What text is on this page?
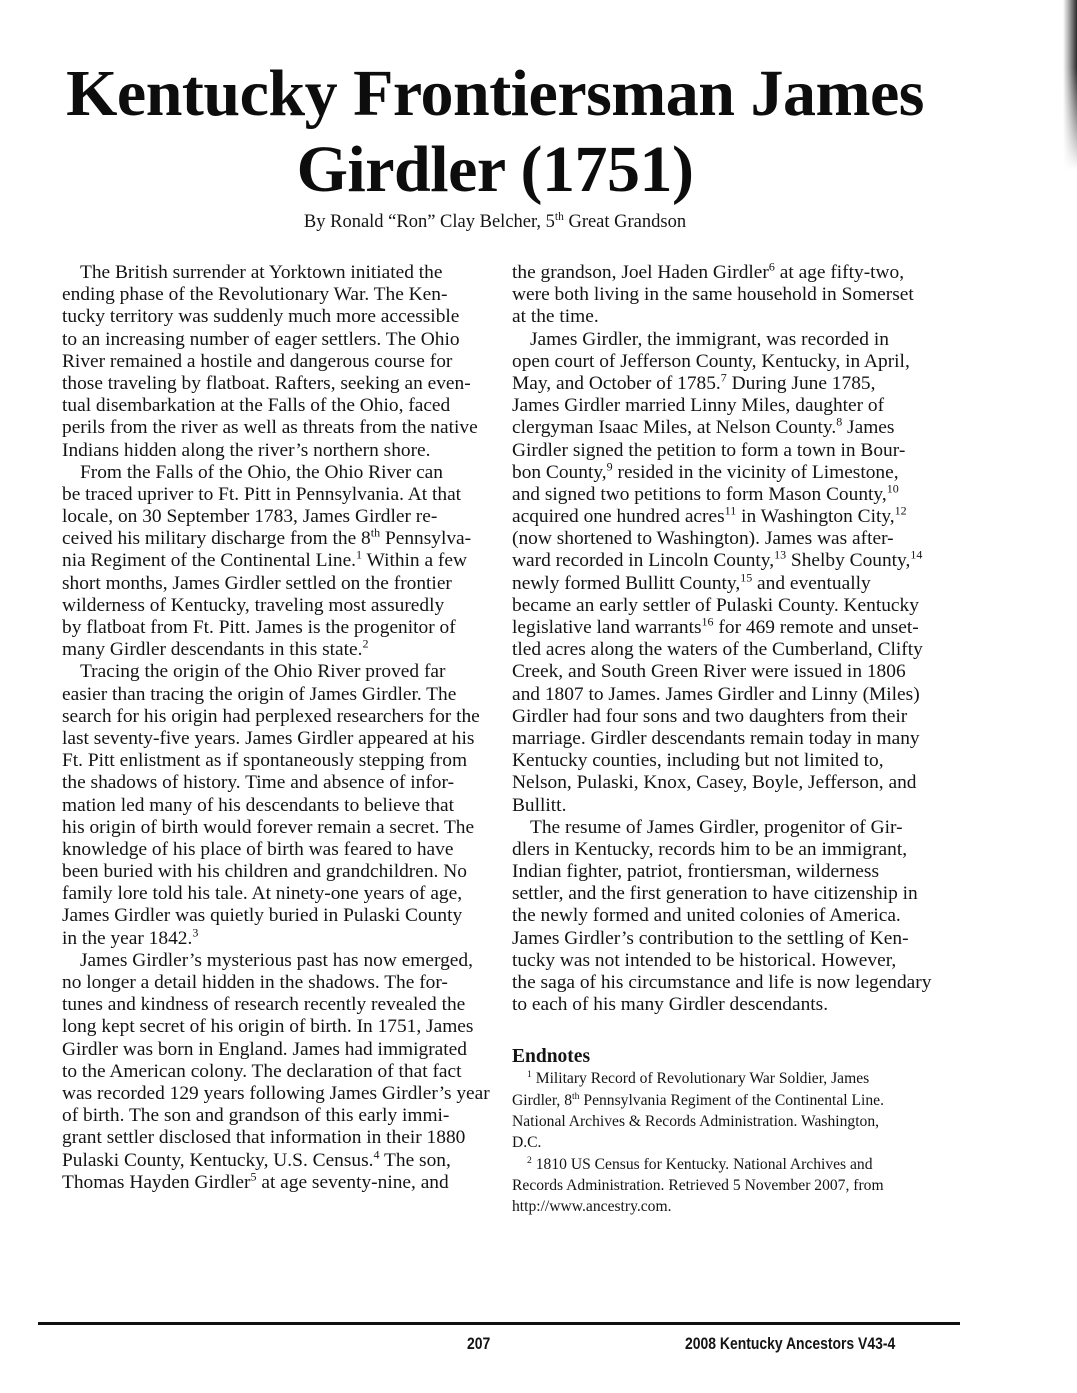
Kentucky Frontiersman James
Girdler (1751)

By Ronald “Ron” Clay Belcher, 5th Great Grandson

The British surrender at Yorktown initiated the
ending phase of the Revolutionary War. The Ken-
tucky territory was suddenly much more accessible
to an increasing number of eager settlers. The Ohio
River remained a hostile and dangerous course for
those traveling by flatboat. Rafters, seeking an even-
tual disembarkation at the Falls of the Ohio, faced
perils from the river as well as threats from the native
Indians hidden along the river’s northern shore.
From the Falls of the Ohio, the Ohio River can
be traced upriver to Ft. Pitt in Pennsylvania. At that
locale, on 30 September 1783, James Girdler re-
ceived his military discharge from the 8th Pennsylva-
nia Regiment of the Continental Line.$^1$ Within a few
short months, James Girdler settled on the frontier
wilderness of Kentucky, traveling most assuredly
by flatboat from Ft. Pitt. James is the progenitor of
many Girdler descendants in this state.$^2$
Tracing the origin of the Ohio River proved far
easier than tracing the origin of James Girdler. The
search for his origin had perplexed researchers for the
last seventy-five years. James Girdler appeared at his
Ft. Pitt enlistment as if spontaneously stepping from
the shadows of history. Time and absence of infor-
mation led many of his descendants to believe that
his origin of birth would forever remain a secret. The
knowledge of his place of birth was feared to have
been buried with his children and grandchildren. No
family lore told his tale. At ninety-one years of age,
James Girdler was quietly buried in Pulaski County
in the year 1842.$^3$
James Girdler’s mysterious past has now emerged,
no longer a detail hidden in the shadows. The for-
tunes and kindness of research recently revealed the
long kept secret of his origin of birth. In 1751, James
Girdler was born in England. James had immigrated
to the American colony. The declaration of that fact
was recorded 129 years following James Girdler’s year
of birth. The son and grandson of this early immi-
grant settler disclosed that information in their 1880
Pulaski County, Kentucky, U.S. Census.$^4$ The son,
Thomas Hayden Girdler$^5$ at age seventy-nine, and
the grandson, Joel Haden Girdler$^6$ at age fifty-two,
were both living in the same household in Somerset
at the time.
James Girdler, the immigrant, was recorded in
open court of Jefferson County, Kentucky, in April,
May, and October of 1785.$^7$ During June 1785,
James Girdler married Linny Miles, daughter of
clergyman Isaac Miles, at Nelson County.$^8$ James
Girdler signed the petition to form a town in Bour-
bon County,$^9$ resided in the vicinity of Limestone,
and signed two petitions to form Mason County,$^{10}$
acquired one hundred acres$^{11}$ in Washington City,$^{12}$
(now shortened to Washington). James was after-
ward recorded in Lincoln County,$^{13}$ Shelby County,$^{14}$
newly formed Bullitt County,$^{15}$ and eventually
became an early settler of Pulaski County. Kentucky
legislative land warrants$^{16}$ for 469 remote and unset-
tled acres along the waters of the Cumberland, Clifty
Creek, and South Green River were issued in 1806
and 1807 to James. James Girdler and Linny (Miles)
Girdler had four sons and two daughters from their
marriage. Girdler descendants remain today in many
Kentucky counties, including but not limited to,
Nelson, Pulaski, Knox, Casey, Boyle, Jefferson, and
Bullitt.
The resume of James Girdler, progenitor of Gir-
dlers in Kentucky, records him to be an immigrant,
Indian fighter, patriot, frontiersman, wilderness
settler, and the first generation to have citizenship in
the newly formed and united colonies of America.
James Girdler’s contribution to the settling of Ken-
tucky was not intended to be historical. However,
the saga of his circumstance and life is now legendary
to each of his many Girdler descendants.
Endnotes
$^1$ Military Record of Revolutionary War Soldier, James
Girdler, 8th Pennsylvania Regiment of the Continental Line.
National Archives & Records Administration. Washington,
D.C.
$^2$ 1810 US Census for Kentucky. National Archives and
Records Administration. Retrieved 5 November 2007, from
http://www.ancestry.com.
207	2008 Kentucky Ancestors V43-4
